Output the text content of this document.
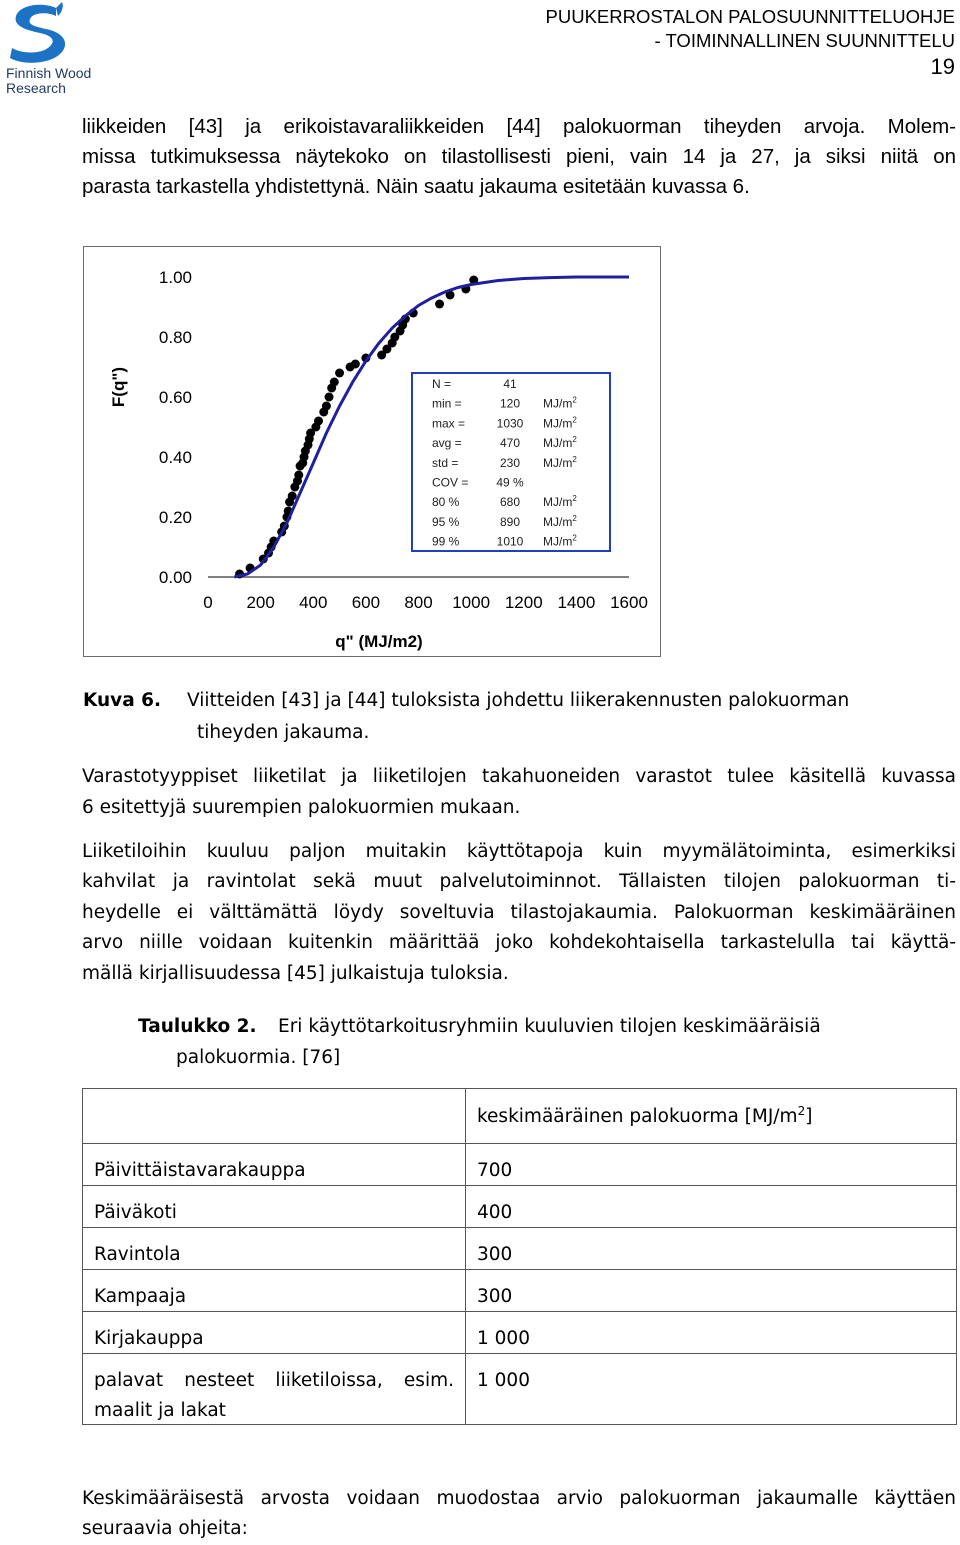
Finnish Wood
Research
PUUKERROSTALON PALOSUUNNITTELUOHJE
- TOIMINNALLINEN SUUNNITTELU
19
liikkeiden [43] ja erikoistavaraliikkeiden [44] palokuorman tiheyden arvoja. Molem-
missa tutkimuksessa näytekoko on tilastollisesti pieni, vain 14 ja 27, ja siksi niitä on
parasta tarkastella yhdistettynä. Näin saatu jakauma esitetään kuvassa 6.
0.00
0.20
0.40
0.60
0.80
1.00
0 200 400 600 800 1000 1200 1400 1600
q" (MJ/m2)
F(q")	N =	41
min =	120 $MJ/m^2$
max =	1030 $MJ/m^2$
avg =	470 $MJ/m^2$
std =	230 $MJ/m^2$
COV = 49 %
80 %	680 $MJ/m^2$
95 %	890 $MJ/m^2$
99 %	1010 $MJ/m^2$
Kuva 6. Viitteiden [43] ja [44] tuloksista johdettu liikerakennusten palokuorman
tiheyden jakauma.
Varastotyyppiset liiketilat ja liiketilojen takahuoneiden varastot tulee käsitellä kuvassa
6 esitettyjä suurempien palokuormien mukaan.
Liiketiloihin kuuluu paljon muitakin käyttötapoja kuin myymälätoiminta, esimerkiksi
kahvilat ja ravintolat sekä muut palvelutoiminnot. Tällaisten tilojen palokuorman ti-
heydelle ei välttämättä löydy soveltuvia tilastojakaumia. Palokuorman keskimääräinen
arvo niille voidaan kuitenkin määrittää joko kohdekohtaisella tarkastelulla tai käyttä-
mällä kirjallisuudessa [45] julkaistuja tuloksia.
Taulukko 2. Eri käyttötarkoitusryhmiin kuuluvien tilojen keskimääräisiä
palokuormia. [76]
keskimääräinen palokuorma $[MJ/m^2]$
Päivittäistavarakauppa	700
Päiväkoti	400
Ravintola	300
Kampaaja	300
Kirjakauppa	1 000
palavat nesteet liiketiloissa, esim.
maalit ja lakat
1 000
Keskimääräisestä arvosta voidaan muodostaa arvio palokuorman jakaumalle käyttäen
seuraavia ohjeita:
